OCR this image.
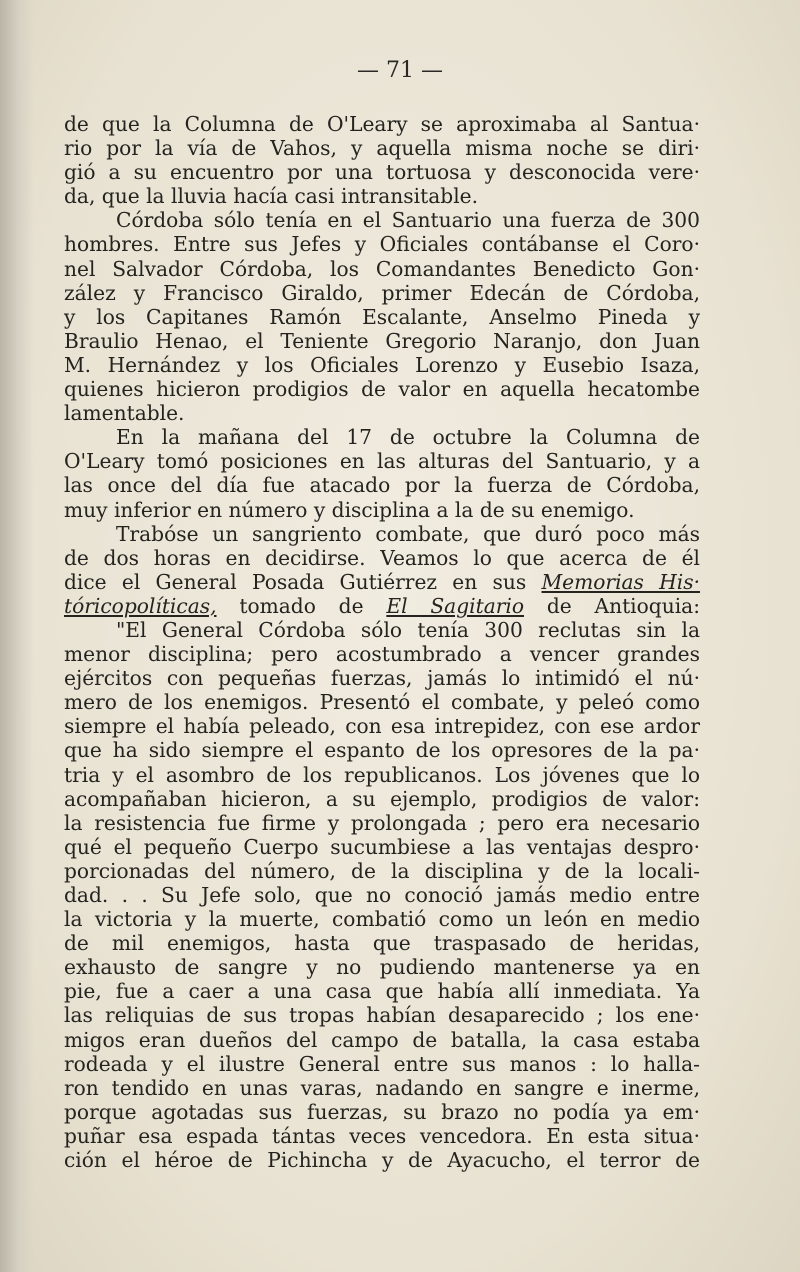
— 71 —
de que la Columna de O'Leary se aproximaba al Santua·
rio por la vía de Vahos, y aquella misma noche se diri·
gió a su encuentro por una tortuosa y desconocida vere·
da, que la lluvia hacía casi intransitable.
Córdoba sólo tenía en el Santuario una fuerza de 300
hombres. Entre sus Jefes y Oficiales contábanse el Coro·
nel Salvador Córdoba, los Comandantes Benedicto Gon·
zález y Francisco Giraldo, primer Edecán de Córdoba,
y los Capitanes Ramón Escalante, Anselmo Pineda y
Braulio Henao, el Teniente Gregorio Naranjo, don Juan
M. Hernández y los Oficiales Lorenzo y Eusebio Isaza,
quienes hicieron prodigios de valor en aquella hecatombe
lamentable.
En la mañana del 17 de octubre la Columna de
O'Leary tomó posiciones en las alturas del Santuario, y a
las once del día fue atacado por la fuerza de Córdoba,
muy inferior en número y disciplina a la de su enemigo.
Trabóse un sangriento combate, que duró poco más
de dos horas en decidirse. Veamos lo que acerca de él
dice el General Posada Gutiérrez en sus Memorias His·
tóricopolíticas, tomado de El Sagitario de Antioquia:
"El General Córdoba sólo tenía 300 reclutas sin la
menor disciplina; pero acostumbrado a vencer grandes
ejércitos con pequeñas fuerzas, jamás lo intimidó el nú·
mero de los enemigos. Presentó el combate, y peleó como
siempre el había peleado, con esa intrepidez, con ese ardor
que ha sido siempre el espanto de los opresores de la pa·
tria y el asombro de los republicanos. Los jóvenes que lo
acompañaban hicieron, a su ejemplo, prodigios de valor:
la resistencia fue firme y prolongada ; pero era necesario
qué el pequeño Cuerpo sucumbiese a las ventajas despro·
porcionadas del número, de la disciplina y de la locali-
dad. . . Su Jefe solo, que no conoció jamás medio entre
la victoria y la muerte, combatió como un león en medio
de mil enemigos, hasta que traspasado de heridas,
exhausto de sangre y no pudiendo mantenerse ya en
pie, fue a caer a una casa que había allí inmediata. Ya
las reliquias de sus tropas habían desaparecido ; los ene·
migos eran dueños del campo de batalla, la casa estaba
rodeada y el ilustre General entre sus manos : lo halla-
ron tendido en unas varas, nadando en sangre e inerme,
porque agotadas sus fuerzas, su brazo no podía ya em·
puñar esa espada tántas veces vencedora. En esta situa·
ción el héroe de Pichincha y de Ayacucho, el terror de
